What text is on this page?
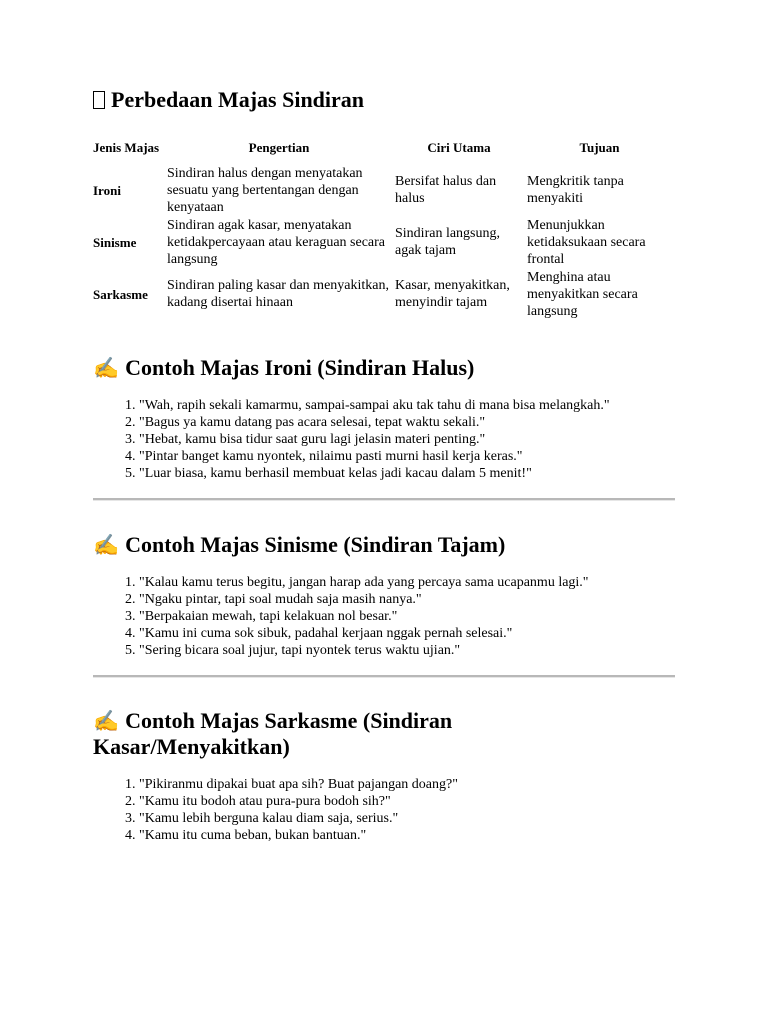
Perbedaan Majas Sindiran
Jenis Majas	Pengertian	Ciri Utama	Tujuan
Ironi	Sindiran halus dengan menyatakan sesuatu yang bertentangan dengan kenyataan	Bersifat halus dan halus	Mengkritik tanpa menyakiti
Sinisme	Sindiran agak kasar, menyatakan ketidakpercayaan atau keraguan secara langsung	Sindiran langsung, agak tajam	Menunjukkan ketidaksukaan secara frontal
Sarkasme	Sindiran paling kasar dan menyakitkan, kadang disertai hinaan	Kasar, menyakitkan, menyindir tajam	Menghina atau menyakitkan secara langsung
✍ Contoh Majas Ironi (Sindiran Halus)
1. "Wah, rapih sekali kamarmu, sampai-sampai aku tak tahu di mana bisa melangkah."
2. "Bagus ya kamu datang pas acara selesai, tepat waktu sekali."
3. "Hebat, kamu bisa tidur saat guru lagi jelasin materi penting."
4. "Pintar banget kamu nyontek, nilaimu pasti murni hasil kerja keras."
5. "Luar biasa, kamu berhasil membuat kelas jadi kacau dalam 5 menit!"
✍ Contoh Majas Sinisme (Sindiran Tajam)
1. "Kalau kamu terus begitu, jangan harap ada yang percaya sama ucapanmu lagi."
2. "Ngaku pintar, tapi soal mudah saja masih nanya."
3. "Berpakaian mewah, tapi kelakuan nol besar."
4. "Kamu ini cuma sok sibuk, padahal kerjaan nggak pernah selesai."
5. "Sering bicara soal jujur, tapi nyontek terus waktu ujian."
✍ Contoh Majas Sarkasme (Sindiran Kasar/Menyakitkan)
1. "Pikiranmu dipakai buat apa sih? Buat pajangan doang?"
2. "Kamu itu bodoh atau pura-pura bodoh sih?"
3. "Kamu lebih berguna kalau diam saja, serius."
4. "Kamu itu cuma beban, bukan bantuan."
